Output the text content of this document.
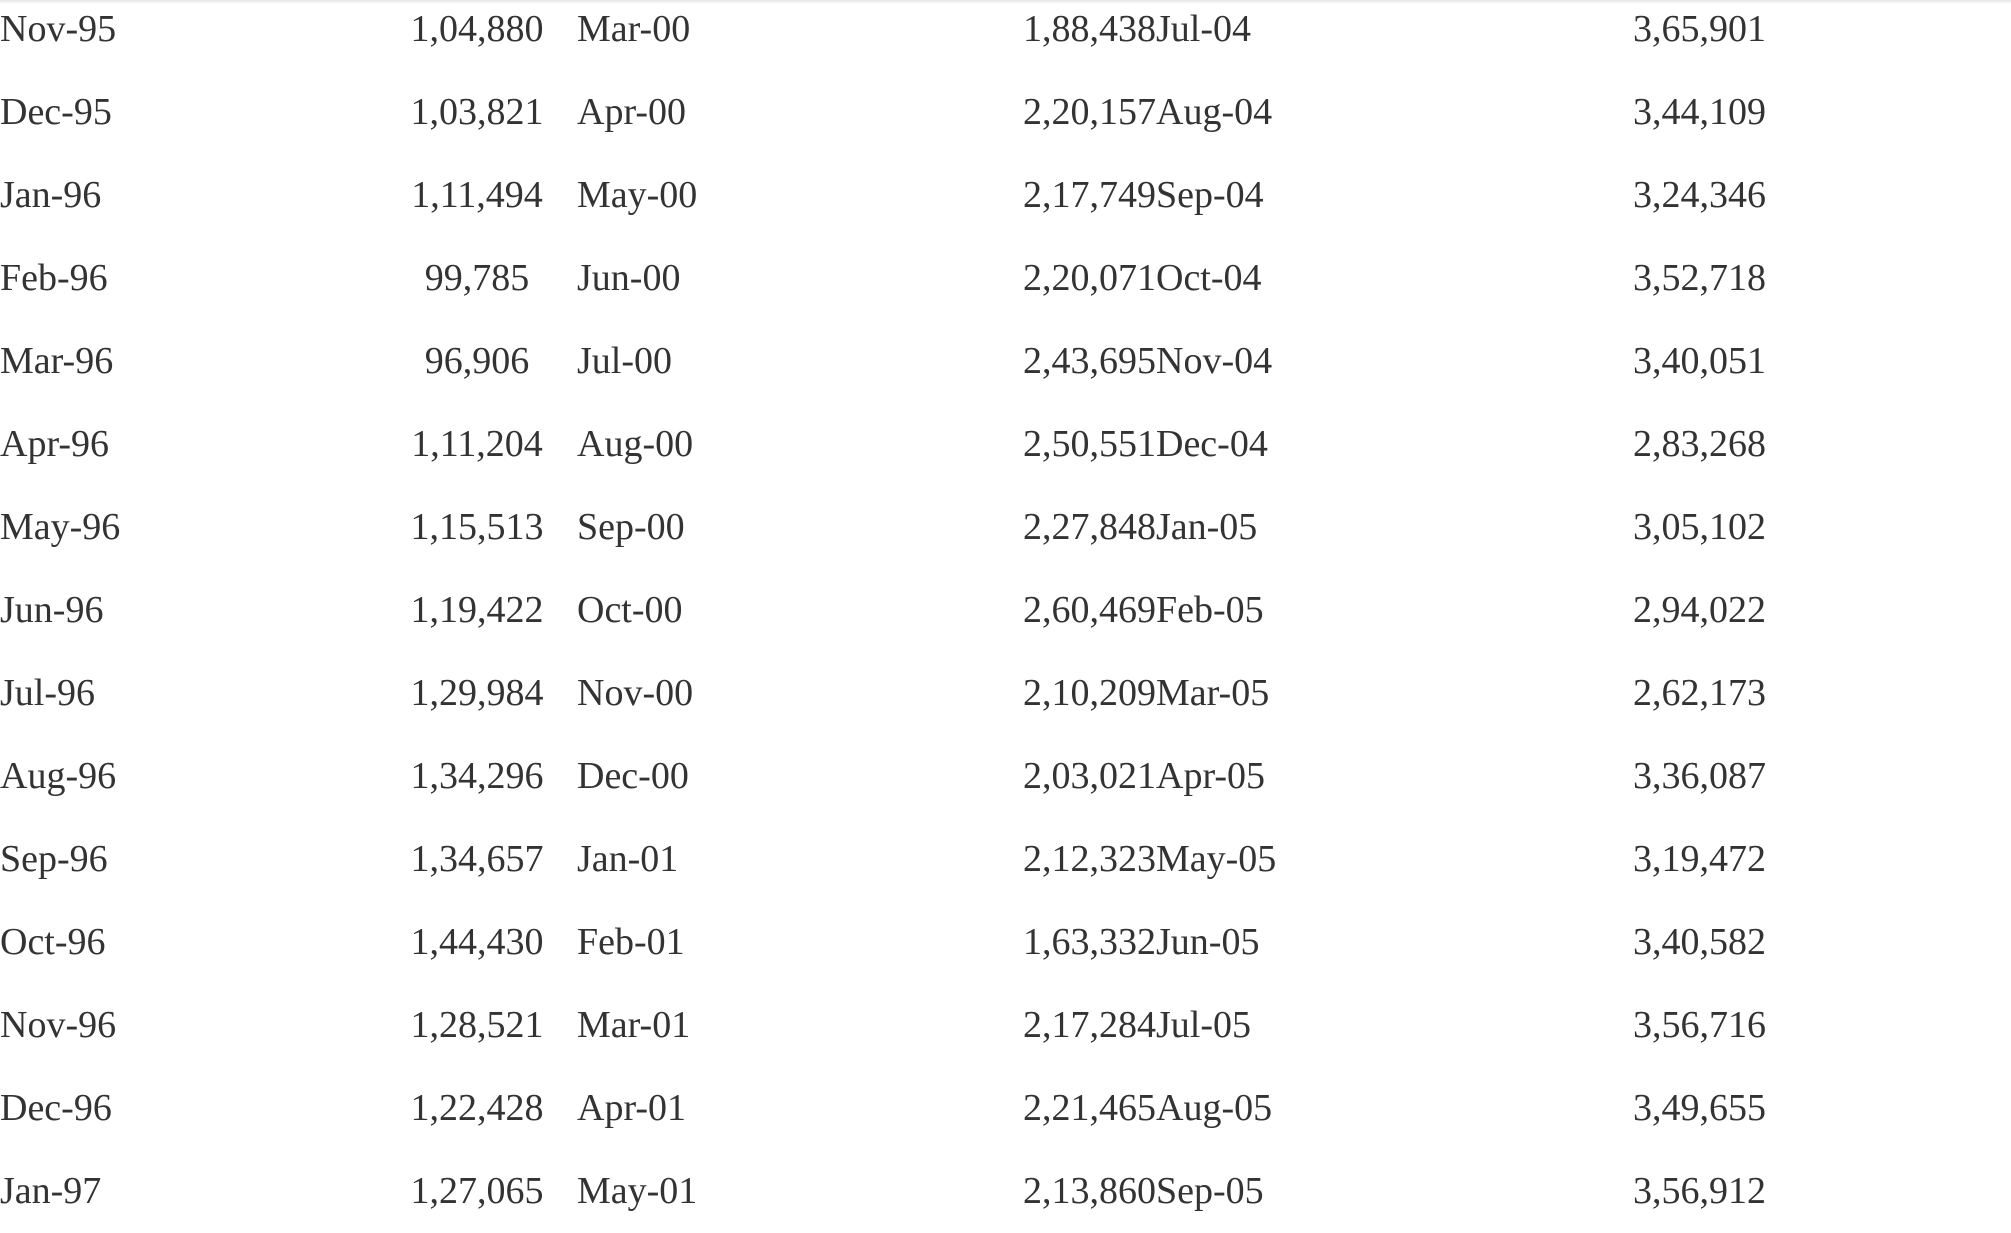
Nov-95	1,04,880	Mar-00	1,88,438	Jul-04	3,65,901	
Dec-95	1,03,821	Apr-00	2,20,157	Aug-04	3,44,109	
Jan-96	1,11,494	May-00	2,17,749	Sep-04	3,24,346	
Feb-96	99,785	Jun-00	2,20,071	Oct-04	3,52,718	
Mar-96	96,906	Jul-00	2,43,695	Nov-04	3,40,051	
Apr-96	1,11,204	Aug-00	2,50,551	Dec-04	2,83,268	
May-96	1,15,513	Sep-00	2,27,848	Jan-05	3,05,102	
Jun-96	1,19,422	Oct-00	2,60,469	Feb-05	2,94,022	
Jul-96	1,29,984	Nov-00	2,10,209	Mar-05	2,62,173	
Aug-96	1,34,296	Dec-00	2,03,021	Apr-05	3,36,087	
Sep-96	1,34,657	Jan-01	2,12,323	May-05	3,19,472	
Oct-96	1,44,430	Feb-01	1,63,332	Jun-05	3,40,582	
Nov-96	1,28,521	Mar-01	2,17,284	Jul-05	3,56,716	
Dec-96	1,22,428	Apr-01	2,21,465	Aug-05	3,49,655	
Jan-97	1,27,065	May-01	2,13,860	Sep-05	3,56,912	
